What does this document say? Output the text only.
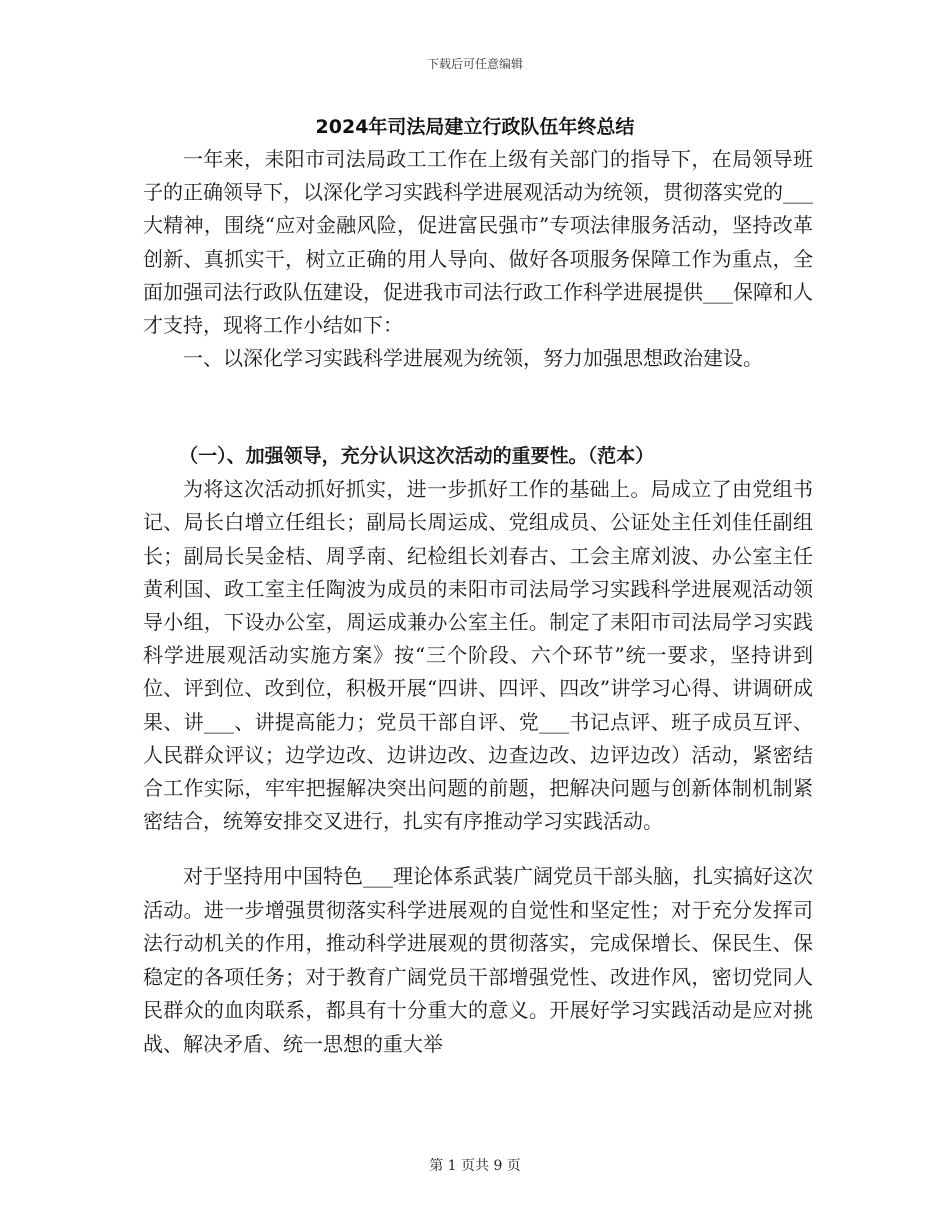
下载后可任意编辑
2024年司法局建立行政队伍年终总结

一年来，耒阳市司法局政工工作在上级有关部门的指导下，在局领导班子的正确领导下，以深化学习实践科学进展观活动为统领，贯彻落实党的___大精神，围绕“应对金融风险，促进富民强市”专项法律服务活动，坚持改革创新、真抓实干，树立正确的用人导向、做好各项服务保障工作为重点，全面加强司法行政队伍建设，促进我市司法行政工作科学进展提供___保障和人才支持，现将工作小结如下：

一、以深化学习实践科学进展观为统领，努力加强思想政治建设。

（一）、加强领导，充分认识这次活动的重要性。（范本）

为将这次活动抓好抓实，进一步抓好工作的基础上。局成立了由党组书记、局长白增立任组长；副局长周运成、党组成员、公证处主任刘佳任副组长；副局长吴金桔、周孚南、纪检组长刘春古、工会主席刘波、办公室主任黄利国、政工室主任陶波为成员的耒阳市司法局学习实践科学进展观活动领导小组，下设办公室，周运成兼办公室主任。制定了耒阳市司法局学习实践科学进展观活动实施方案》按“三个阶段、六个环节”统一要求，坚持讲到位、评到位、改到位，积极开展“四讲、四评、四改”讲学习心得、讲调研成果、讲___、讲提高能力；党员干部自评、党___书记点评、班子成员互评、人民群众评议；边学边改、边讲边改、边查边改、边评边改）活动，紧密结合工作实际，牢牢把握解决突出问题的前题，把解决问题与创新体制机制紧密结合，统筹安排交叉进行，扎实有序推动学习实践活动。

对于坚持用中国特色___理论体系武装广阔党员干部头脑，扎实搞好这次活动。进一步增强贯彻落实科学进展观的自觉性和坚定性；对于充分发挥司法行动机关的作用，推动科学进展观的贯彻落实，完成保增长、保民生、保稳定的各项任务；对于教育广阔党员干部增强党性、改进作风，密切党同人民群众的血肉联系，都具有十分重大的意义。开展好学习实践活动是应对挑战、解决矛盾、统一思想的重大举

第 1 页共 9 页
